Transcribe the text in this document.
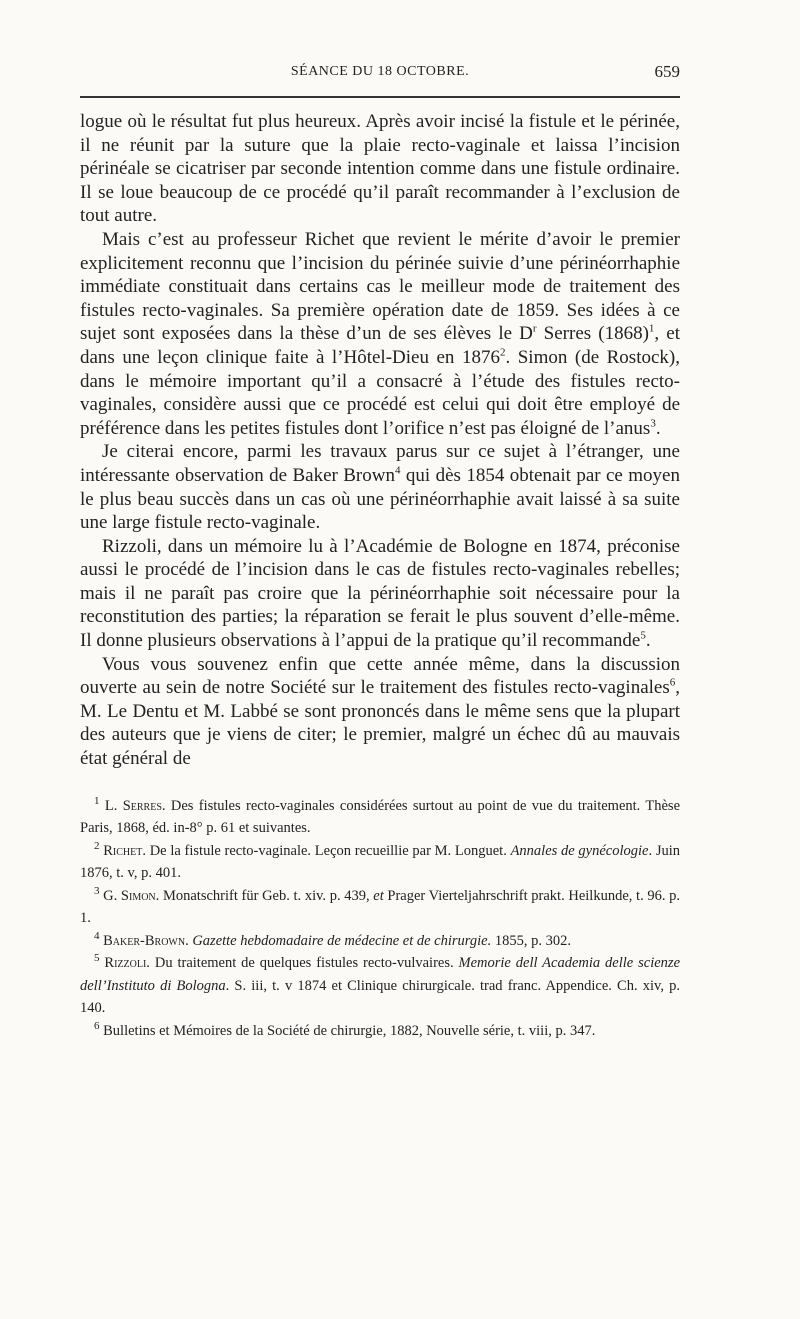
SÉANCE DU 18 OCTOBRE.	659

logue où le résultat fut plus heureux. Après avoir incisé la fistule et le périnée, il ne réunit par la suture que la plaie recto-vaginale et laissa l’incision périnéale se cicatriser par seconde intention comme dans une fistule ordinaire. Il se loue beaucoup de ce procédé qu’il paraît recommander à l’exclusion de tout autre.

Mais c’est au professeur Richet que revient le mérite d’avoir le premier explicitement reconnu que l’incision du périnée suivie d’une périnéorrhaphie immédiate constituait dans certains cas le meilleur mode de traitement des fistules recto-vaginales. Sa première opération date de 1859. Ses idées à ce sujet sont exposées dans la thèse d’un de ses élèves le $D^r$ Serres $(1868)^1$, et dans une leçon clinique faite à l’Hôtel-Dieu en 1876$^2$. Simon (de Rostock), dans le mémoire important qu’il a consacré à l’étude des fistules recto-vaginales, considère aussi que ce procédé est celui qui doit être employé de préférence dans les petites fistules dont l’orifice n’est pas éloigné de l’anus$^3$.

Je citerai encore, parmi les travaux parus sur ce sujet à l’étranger, une intéressante observation de Baker Brown$^4$ qui dès 1854 obtenait par ce moyen le plus beau succès dans un cas où une périnéorrhaphie avait laissé à sa suite une large fistule recto-vaginale.

Rizzoli, dans un mémoire lu à l’Académie de Bologne en 1874, préconise aussi le procédé de l’incision dans le cas de fistules recto-vaginales rebelles; mais il ne paraît pas croire que la périnéorrhaphie soit nécessaire pour la reconstitution des parties; la réparation se ferait le plus souvent d’elle-même. Il donne plusieurs observations à l’appui de la pratique qu’il recommande$^5$.

Vous vous souvenez enfin que cette année même, dans la discussion ouverte au sein de notre Société sur le traitement des fistules recto-vaginales$^6$, M. Le Dentu et M. Labbé se sont prononcés dans le même sens que la plupart des auteurs que je viens de citer; le premier, malgré un échec dû au mauvais état général de

$^1$ L. Serres. Des fistules recto-vaginales considérées surtout au point de vue du traitement. Thèse Paris, 1868, éd. in-8° p. 61 et suivantes.

$^2$ Richet. De la fistule recto-vaginale. Leçon recueillie par M. Longuet. Annales de gynécologie. Juin 1876, t. v, p. 401.

$^3$ G. Simon. Monatschrift für Geb. t. xiv. p. 439, et Prager Vierteljahrschrift prakt. Heilkunde, t. 96. p. 1.

$^4$ Baker-Brown. Gazette hebdomadaire de médecine et de chirurgie. 1855, p. 302.

$^5$ Rizzoli. Du traitement de quelques fistules recto-vulvaires. Memorie dell Academia delle scienze dell’Instituto di Bologna. S. iii, t. v 1874 et Clinique chirurgicale. trad franc. Appendice. Ch. xiv, p. 140.

$^6$ Bulletins et Mémoires de la Société de chirurgie, 1882, Nouvelle série, t. viii, p. 347.
